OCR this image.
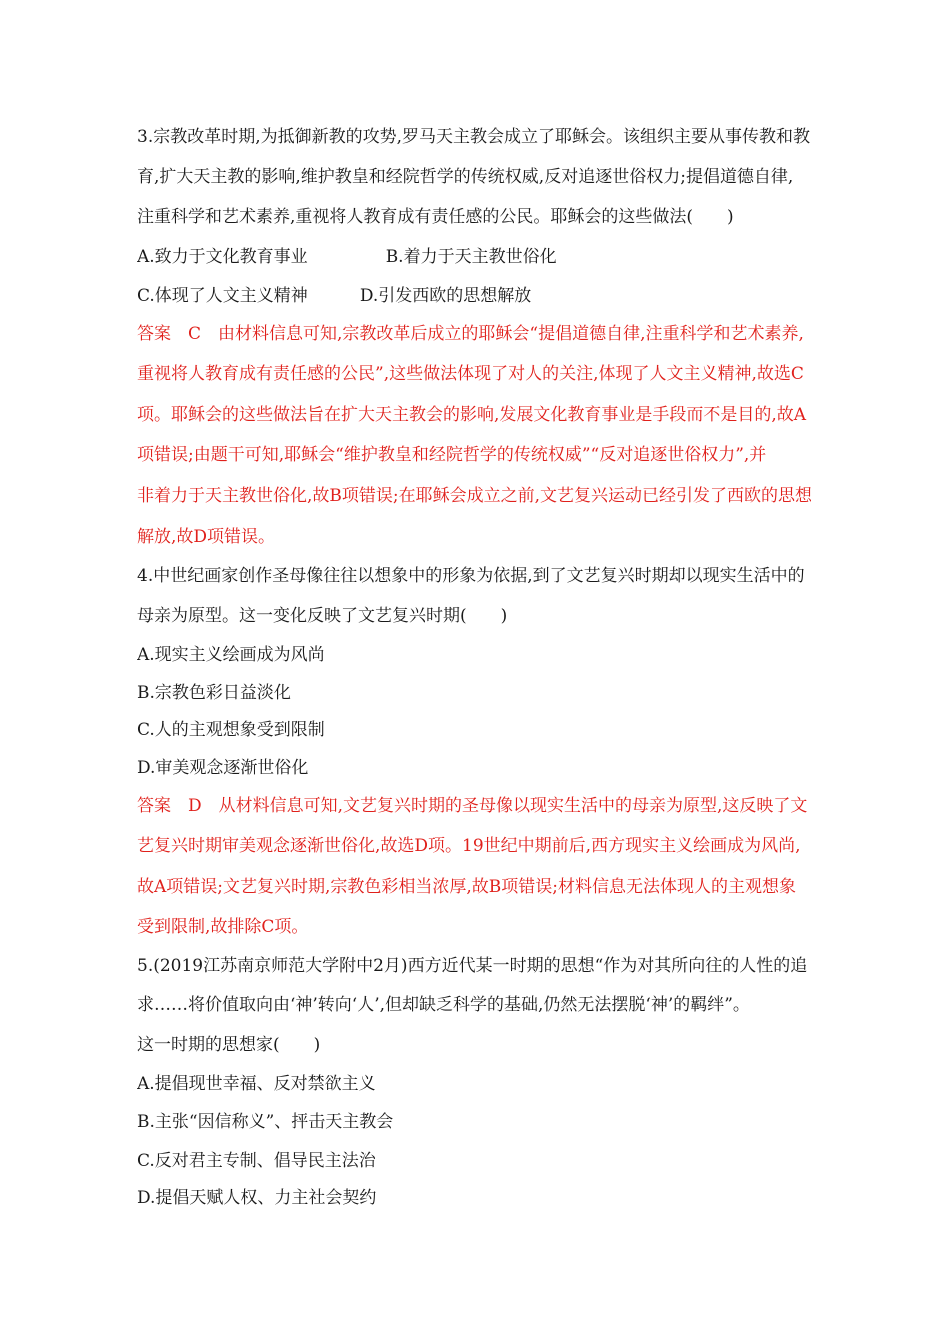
3.宗教改革时期,为抵御新教的攻势,罗马天主教会成立了耶稣会。该组织主要从事传教和教
育,扩大天主教的影响,维护教皇和经院哲学的传统权威,反对追逐世俗权力;提倡道德自律,
注重科学和艺术素养,重视将人教育成有责任感的公民。耶稣会的这些做法(　　)
A.致力于文化教育事业	B.着力于天主教世俗化
C.体现了人文主义精神	D.引发西欧的思想解放
答案　C　由材料信息可知,宗教改革后成立的耶稣会“提倡道德自律,注重科学和艺术素养,
重视将人教育成有责任感的公民”,这些做法体现了对人的关注,体现了人文主义精神,故选C
项。耶稣会的这些做法旨在扩大天主教会的影响,发展文化教育事业是手段而不是目的,故A
项错误;由题干可知,耶稣会“维护教皇和经院哲学的传统权威”“反对追逐世俗权力”,并
非着力于天主教世俗化,故B项错误;在耶稣会成立之前,文艺复兴运动已经引发了西欧的思想
解放,故D项错误。
4.中世纪画家创作圣母像往往以想象中的形象为依据,到了文艺复兴时期却以现实生活中的
母亲为原型。这一变化反映了文艺复兴时期(　　)
A.现实主义绘画成为风尚
B.宗教色彩日益淡化
C.人的主观想象受到限制
D.审美观念逐渐世俗化
答案　D　从材料信息可知,文艺复兴时期的圣母像以现实生活中的母亲为原型,这反映了文
艺复兴时期审美观念逐渐世俗化,故选D项。19世纪中期前后,西方现实主义绘画成为风尚,
故A项错误;文艺复兴时期,宗教色彩相当浓厚,故B项错误;材料信息无法体现人的主观想象
受到限制,故排除C项。
5.(2019江苏南京师范大学附中2月)西方近代某一时期的思想“作为对其所向往的人性的追
求……将价值取向由‘神’转向‘人’,但却缺乏科学的基础,仍然无法摆脱‘神’的羁绊”。
这一时期的思想家(　　)
A.提倡现世幸福、反对禁欲主义
B.主张“因信称义”、抨击天主教会
C.反对君主专制、倡导民主法治
D.提倡天赋人权、力主社会契约
